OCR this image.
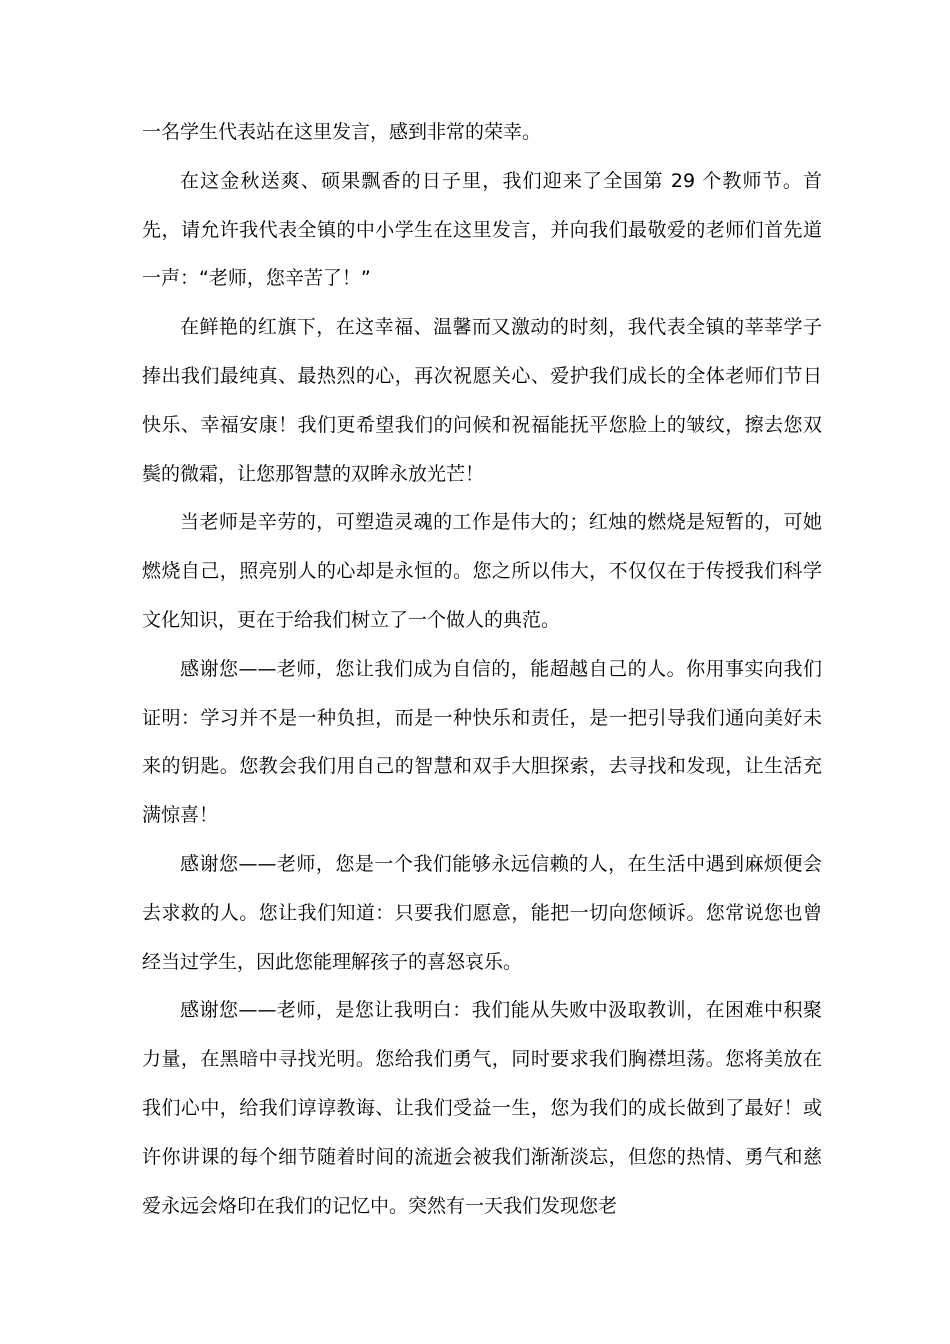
一名学生代表站在这里发言，感到非常的荣幸。

在这金秋送爽、硕果飘香的日子里，我们迎来了全国第 29 个教师节。首先，请允许我代表全镇的中小学生在这里发言，并向我们最敬爱的老师们首先道一声：“老师，您辛苦了！”

在鲜艳的红旗下，在这幸福、温馨而又激动的时刻，我代表全镇的莘莘学子捧出我们最纯真、最热烈的心，再次祝愿关心、爱护我们成长的全体老师们节日快乐、幸福安康！我们更希望我们的问候和祝福能抚平您脸上的皱纹，擦去您双鬓的微霜，让您那智慧的双眸永放光芒！

当老师是辛劳的，可塑造灵魂的工作是伟大的；红烛的燃烧是短暂的，可她燃烧自己，照亮别人的心却是永恒的。您之所以伟大，不仅仅在于传授我们科学文化知识，更在于给我们树立了一个做人的典范。

感谢您——老师，您让我们成为自信的，能超越自己的人。你用事实向我们证明：学习并不是一种负担，而是一种快乐和责任，是一把引导我们通向美好未来的钥匙。您教会我们用自己的智慧和双手大胆探索，去寻找和发现，让生活充满惊喜！

感谢您——老师，您是一个我们能够永远信赖的人，在生活中遇到麻烦便会去求救的人。您让我们知道：只要我们愿意，能把一切向您倾诉。您常说您也曾经当过学生，因此您能理解孩子的喜怒哀乐。

感谢您——老师，是您让我明白：我们能从失败中汲取教训，在困难中积聚力量，在黑暗中寻找光明。您给我们勇气，同时要求我们胸襟坦荡。您将美放在我们心中，给我们谆谆教诲、让我们受益一生，您为我们的成长做到了最好！或许你讲课的每个细节随着时间的流逝会被我们渐渐淡忘，但您的热情、勇气和慈爱永远会烙印在我们的记忆中。突然有一天我们发现您老
